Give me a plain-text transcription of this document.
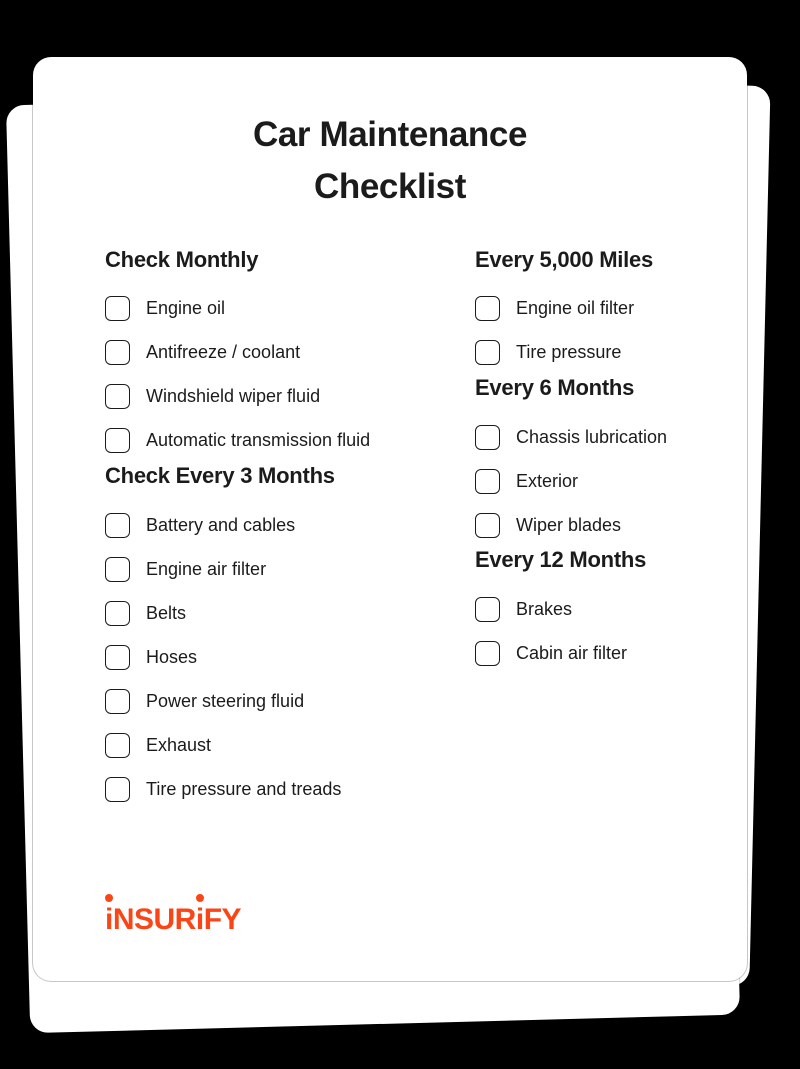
Car Maintenance
Checklist
Check Monthly
Engine oil
Antifreeze / coolant
Windshield wiper fluid
Automatic transmission fluid
Check Every 3 Months
Battery and cables
Engine air filter
Belts
Hoses
Power steering fluid
Exhaust
Tire pressure and treads
Every 5,000 Miles
Engine oil filter
Tire pressure
Every 6 Months
Chassis lubrication
Exterior
Wiper blades
Every 12 Months
Brakes
Cabin air filter
iNSURiFY
